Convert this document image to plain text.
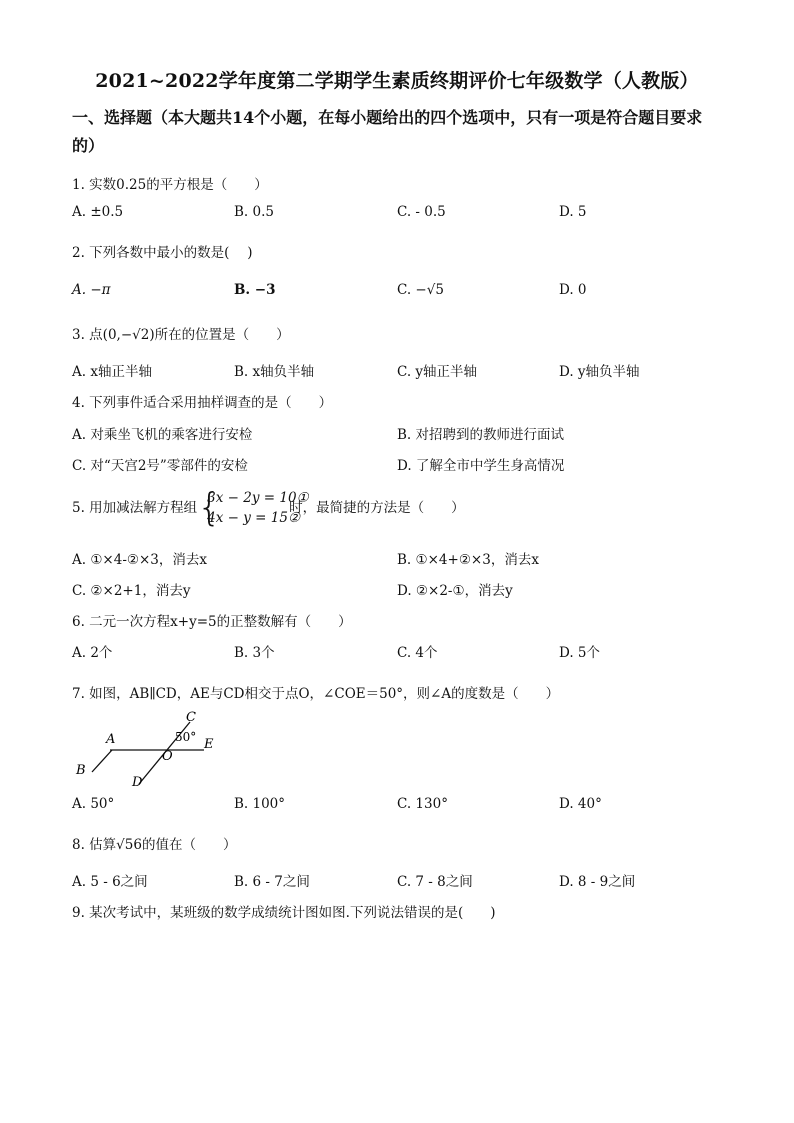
2021~2022学年度第二学期学生素质终期评价七年级数学（人教版）
一、选择题（本大题共14个小题，在每小题给出的四个选项中，只有一项是符合题目要求
的）
1. 实数0.25的平方根是（　　）
A. ±0.5	B. 0.5	C. - 0.5	D. 5
2. 下列各数中最小的数是(　 )
A. −π	B. −3	C. −√5	D. 0
3. 点(0,−√2)所在的位置是（　　）
A. x轴正半轴	B. x轴负半轴	C. y轴正半轴	D. y轴负半轴
4. 下列事件适合采用抽样调查的是（　　）
A. 对乘坐飞机的乘客进行安检	B. 对招聘到的教师进行面试
C. 对“天宫2号”零部件的安检	D. 了解全市中学生身高情况
5. 用加减法解方程组 {
3x − 2y = 10①
4x − y = 15②
时，最简捷的方法是（　　）
A. ①×4-②×3，消去x	B. ①×4+②×3，消去x
C. ②×2+1，消去y	D. ②×2-①，消去y
6. 二元一次方程x+y=5的正整数解有（　　）
A. 2个	B. 3个	C. 4个	D. 5个
7. 如图，AB∥CD，AE与CD相交于点O，∠COE＝50°，则∠A的度数是（　　）
A
B
C
D
E
O
50°
A. 50°	B. 100°	C. 130°	D. 40°
8. 估算√56的值在（　　）
A. 5 - 6之间	B. 6 - 7之间	C. 7 - 8之间	D. 8 - 9之间
9. 某次考试中，某班级的数学成绩统计图如图.下列说法错误的是(　　)
